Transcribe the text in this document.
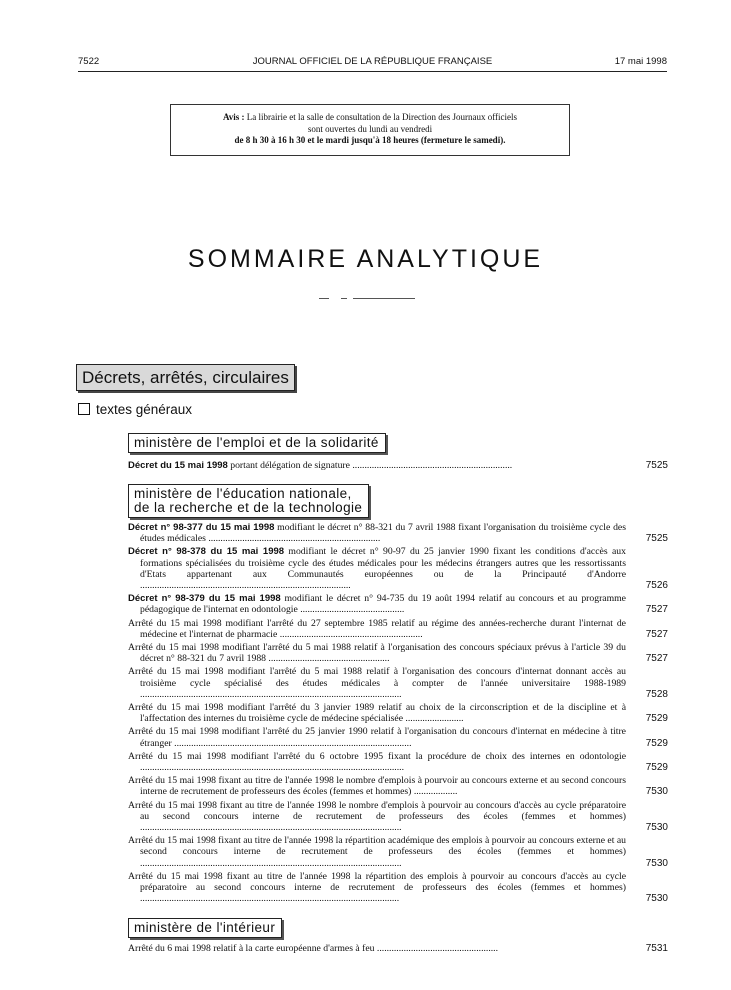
7522	JOURNAL OFFICIEL DE LA RÉPUBLIQUE FRANÇAISE	17 mai 1998
Avis : La librairie et la salle de consultation de la Direction des Journaux officiels
sont ouvertes du lundi au vendredi
de 8 h 30 à 16 h 30 et le mardi jusqu'à 18 heures (fermeture le samedi).
SOMMAIRE ANALYTIQUE
Décrets, arrêtés, circulaires
textes généraux
ministère de l'emploi et de la solidarité
Décret du 15 mai 1998 portant délégation de signature ..................................................................	7525
ministère de l'éducation nationale,
de la recherche et de la technologie
Décret n° 98-377 du 15 mai 1998 modifiant le décret n° 88-321 du 7 avril 1988 fixant l'organisation du troisième cycle des études médicales .......................................................................	7525
Décret n° 98-378 du 15 mai 1998 modifiant le décret n° 90-97 du 25 janvier 1990 fixant les conditions d'accès aux formations spécialisées du troisième cycle des études médicales pour les médecins étrangers autres que les ressortissants d'Etats appartenant aux Communautés européennes ou de la Principauté d'Andorre .......................................................................................	7526
Décret n° 98-379 du 15 mai 1998 modifiant le décret n° 94-735 du 19 août 1994 relatif au concours et au programme pédagogique de l'internat en odontologie ...........................................	7527
Arrêté du 15 mai 1998 modifiant l'arrêté du 27 septembre 1985 relatif au régime des années-recherche durant l'internat de médecine et l'internat de pharmacie ...........................................................	7527
Arrêté du 15 mai 1998 modifiant l'arrêté du 5 mai 1988 relatif à l'organisation des concours spéciaux prévus à l'article 39 du décret n° 88-321 du 7 avril 1988 ..................................................	7527
Arrêté du 15 mai 1998 modifiant l'arrêté du 5 mai 1988 relatif à l'organisation des concours d'internat donnant accès au troisième cycle spécialisé des études médicales à compter de l'année universitaire 1988-1989 ............................................................................................................	7528
Arrêté du 15 mai 1998 modifiant l'arrêté du 3 janvier 1989 relatif au choix de la circonscription et de la discipline et à l'affectation des internes du troisième cycle de médecine spécialisée ........................	7529
Arrêté du 15 mai 1998 modifiant l'arrêté du 25 janvier 1990 relatif à l'organisation du concours d'internat en médecine à titre étranger ..................................................................................................	7529
Arrêté du 15 mai 1998 modifiant l'arrêté du 6 octobre 1995 fixant la procédure de choix des internes en odontologie .............................................................................................................	7529
Arrêté du 15 mai 1998 fixant au titre de l'année 1998 le nombre d'emplois à pourvoir au concours externe et au second concours interne de recrutement de professeurs des écoles (femmes et hommes) ..................	7530
Arrêté du 15 mai 1998 fixant au titre de l'année 1998 le nombre d'emplois à pourvoir au concours d'accès au cycle préparatoire au second concours interne de recrutement de professeurs des écoles (femmes et hommes) ............................................................................................................	7530
Arrêté du 15 mai 1998 fixant au titre de l'année 1998 la répartition académique des emplois à pourvoir au concours externe et au second concours interne de recrutement de professeurs des écoles (femmes et hommes) ............................................................................................................	7530
Arrêté du 15 mai 1998 fixant au titre de l'année 1998 la répartition des emplois à pourvoir au concours d'accès au cycle préparatoire au second concours interne de recrutement de professeurs des écoles (femmes et hommes) ...........................................................................................................	7530
ministère de l'intérieur
Arrêté du 6 mai 1998 relatif à la carte européenne d'armes à feu ..................................................	7531
